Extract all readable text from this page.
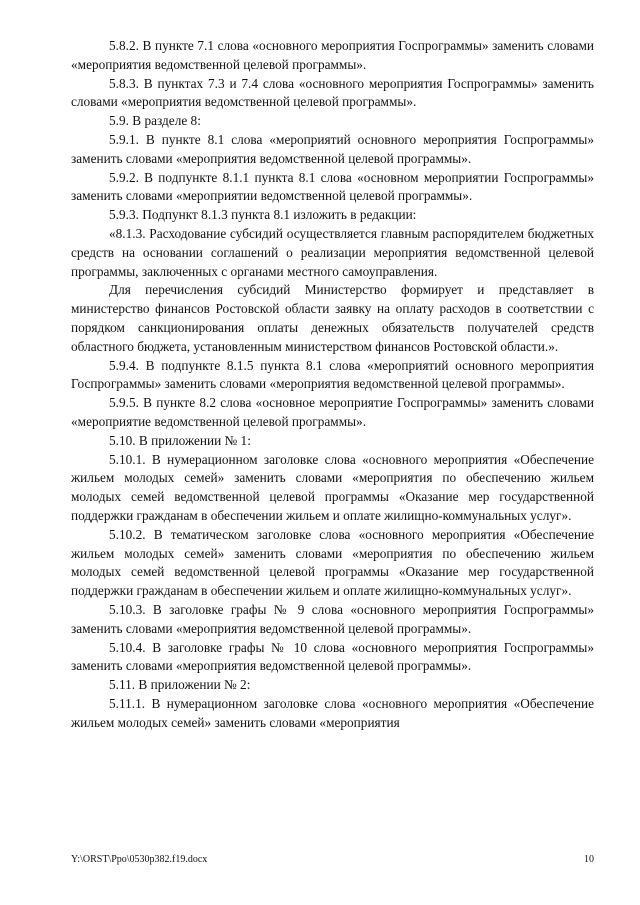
5.8.2. В пункте 7.1 слова «основного мероприятия Госпрограммы» заменить словами «мероприятия ведомственной целевой программы».

5.8.3. В пунктах 7.3 и 7.4 слова «основного мероприятия Госпрограммы» заменить словами «мероприятия ведомственной целевой программы».

5.9. В разделе 8:

5.9.1. В пункте 8.1 слова «мероприятий основного мероприятия Госпрограммы» заменить словами «мероприятия ведомственной целевой программы».

5.9.2. В подпункте 8.1.1 пункта 8.1 слова «основном мероприятии Госпрограммы» заменить словами «мероприятии ведомственной целевой программы».

5.9.3. Подпункт 8.1.3 пункта 8.1 изложить в редакции:

«8.1.3. Расходование субсидий осуществляется главным распорядителем бюджетных средств на основании соглашений о реализации мероприятия ведомственной целевой программы, заключенных с органами местного самоуправления.

Для перечисления субсидий Министерство формирует и представляет в министерство финансов Ростовской области заявку на оплату расходов в соответствии с порядком санкционирования оплаты денежных обязательств получателей средств областного бюджета, установленным министерством финансов Ростовской области.».

5.9.4. В подпункте 8.1.5 пункта 8.1 слова «мероприятий основного мероприятия Госпрограммы» заменить словами «мероприятия ведомственной целевой программы».

5.9.5. В пункте 8.2 слова «основное мероприятие Госпрограммы» заменить словами «мероприятие ведомственной целевой программы».

5.10. В приложении № 1:

5.10.1. В нумерационном заголовке слова «основного мероприятия «Обеспечение жильем молодых семей» заменить словами «мероприятия по обеспечению жильем молодых семей ведомственной целевой программы «Оказание мер государственной поддержки гражданам в обеспечении жильем и оплате жилищно-коммунальных услуг».

5.10.2. В тематическом заголовке слова «основного мероприятия «Обеспечение жильем молодых семей» заменить словами «мероприятия по обеспечению жильем молодых семей ведомственной целевой программы «Оказание мер государственной поддержки гражданам в обеспечении жильем и оплате жилищно-коммунальных услуг».

5.10.3. В заголовке графы № 9 слова «основного мероприятия Госпрограммы» заменить словами «мероприятия ведомственной целевой программы».

5.10.4. В заголовке графы № 10 слова «основного мероприятия Госпрограммы» заменить словами «мероприятия ведомственной целевой программы».

5.11. В приложении № 2:

5.11.1. В нумерационном заголовке слова «основного мероприятия «Обеспечение жильем молодых семей» заменить словами «мероприятия

Y:\ORST\Ppo\0530p382.f19.docx	10
